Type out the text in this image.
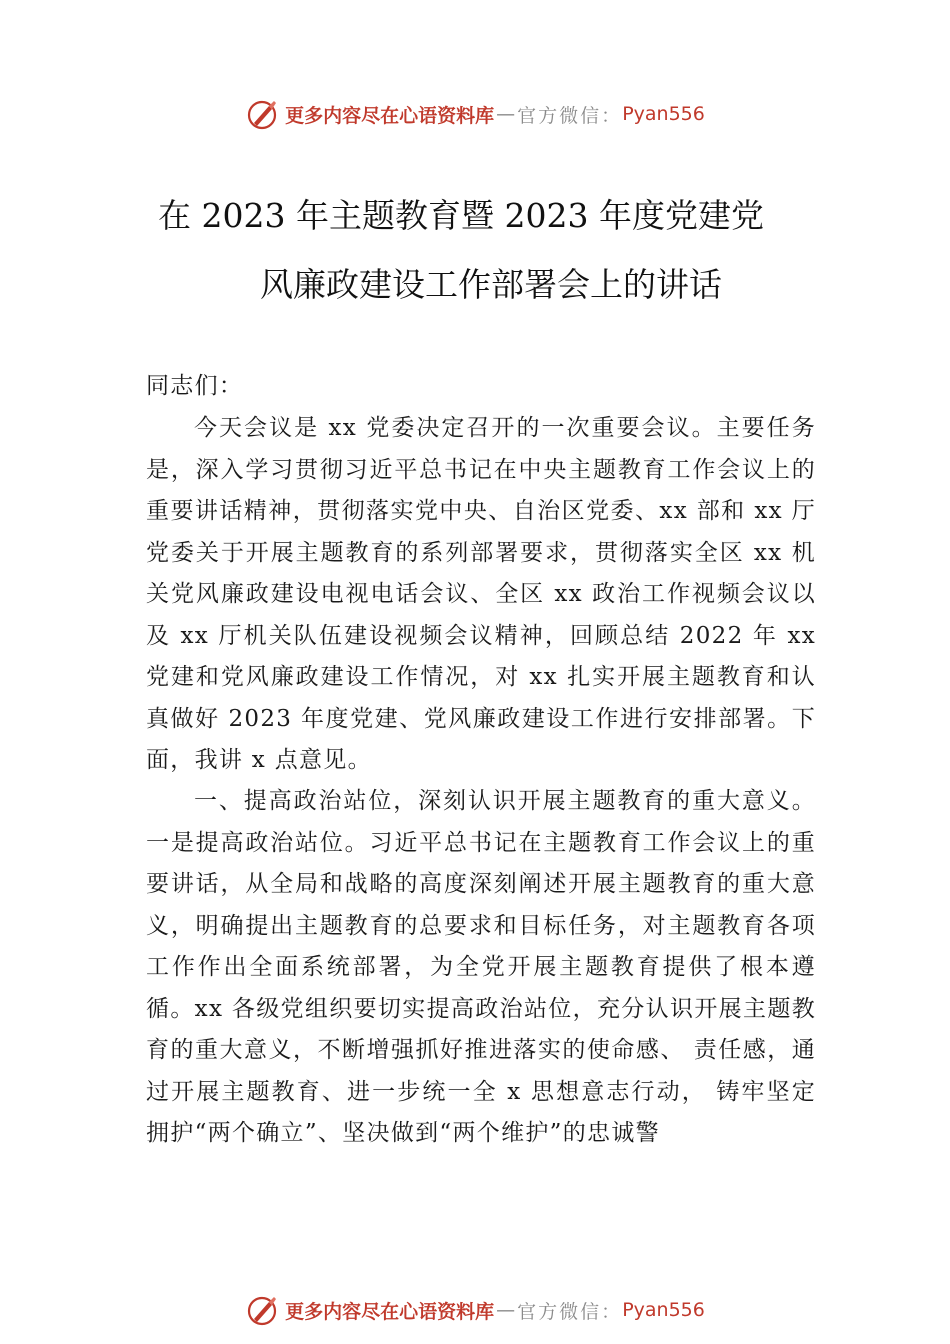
更多内容尽在心语资料库 — 官方微信： Pyan556
在 2023 年主题教育暨 2023 年度党建党
风廉政建设工作部署会上的讲话
同志们：
今天会议是 xx 党委决定召开的一次重要会议。主要任务是，深入学习贯彻习近平总书记在中央主题教育工作会议上的重要讲话精神，贯彻落实党中央、自治区党委、xx 部和 xx 厅党委关于开展主题教育的系列部署要求，贯彻落实全区 xx 机关党风廉政建设电视电话会议、全区 xx 政治工作视频会议以及 xx 厅机关队伍建设视频会议精神，回顾总结 2022 年 xx 党建和党风廉政建设工作情况，对 xx 扎实开展主题教育和认真做好 2023 年度党建、党风廉政建设工作进行安排部署。下面，我讲 x 点意见。
一、提高政治站位，深刻认识开展主题教育的重大意义。一是提高政治站位。习近平总书记在主题教育工作会议上的重要讲话，从全局和战略的高度深刻阐述开展主题教育的重大意义，明确提出主题教育的总要求和目标任务，对主题教育各项工作作出全面系统部署，为全党开展主题教育提供了根本遵循。xx 各级党组织要切实提高政治站位，充分认识开展主题教育的重大意义，不断增强抓好推进落实的使命感、 责任感，通过开展主题教育、进一步统一全 x 思想意志行动， 铸牢坚定拥护“两个确立”、坚决做到“两个维护”的忠诚警
更多内容尽在心语资料库 — 官方微信： Pyan556
